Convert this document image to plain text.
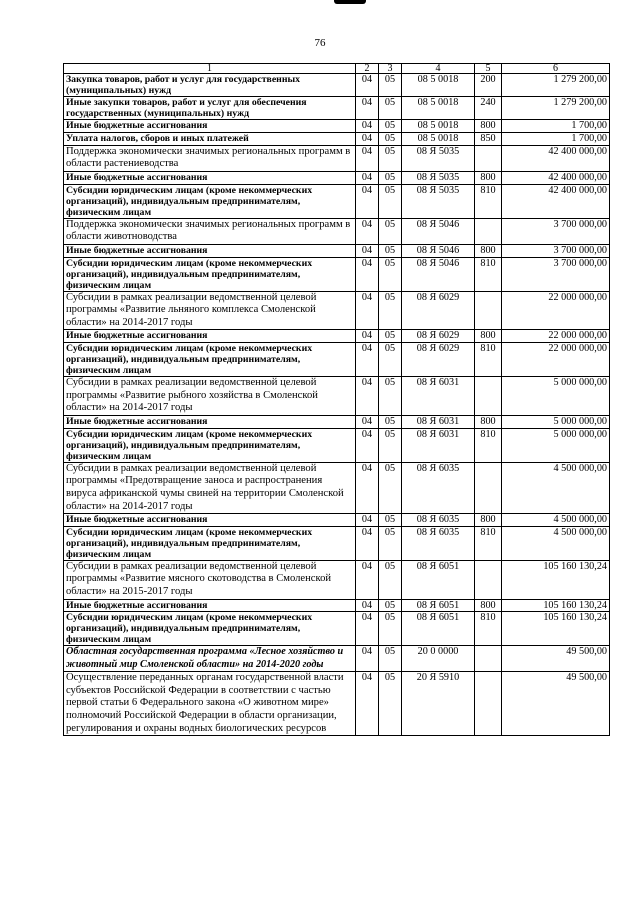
76
1	2	3	4	5	6
Закупка товаров, работ и услуг для государственных (муниципальных) нужд	04	05	08 5 0018	200	1 279 200,00
Иные закупки товаров, работ и услуг для обеспечения государственных (муниципальных) нужд	04	05	08 5 0018	240	1 279 200,00
Иные бюджетные ассигнования	04	05	08 5 0018	800	1 700,00
Уплата налогов, сборов и иных платежей	04	05	08 5 0018	850	1 700,00
Поддержка экономически значимых региональных программ в области растениеводства	04	05	08 Я 5035		42 400 000,00
Иные бюджетные ассигнования	04	05	08 Я 5035	800	42 400 000,00
Субсидии юридическим лицам (кроме некоммерческих организаций), индивидуальным предпринимателям, физическим лицам	04	05	08 Я 5035	810	42 400 000,00
Поддержка экономически значимых региональных программ в области животноводства	04	05	08 Я 5046		3 700 000,00
Иные бюджетные ассигнования	04	05	08 Я 5046	800	3 700 000,00
Субсидии юридическим лицам (кроме некоммерческих организаций), индивидуальным предпринимателям, физическим лицам	04	05	08 Я 5046	810	3 700 000,00
Субсидии в рамках реализации ведомственной целевой программы «Развитие льняного комплекса Смоленской области» на 2014-2017 годы	04	05	08 Я 6029		22 000 000,00
Иные бюджетные ассигнования	04	05	08 Я 6029	800	22 000 000,00
Субсидии юридическим лицам (кроме некоммерческих организаций), индивидуальным предпринимателям, физическим лицам	04	05	08 Я 6029	810	22 000 000,00
Субсидии в рамках реализации ведомственной целевой программы «Развитие рыбного хозяйства в Смоленской области» на 2014-2017 годы	04	05	08 Я 6031		5 000 000,00
Иные бюджетные ассигнования	04	05	08 Я 6031	800	5 000 000,00
Субсидии юридическим лицам (кроме некоммерческих организаций), индивидуальным предпринимателям, физическим лицам	04	05	08 Я 6031	810	5 000 000,00
Субсидии в рамках реализации ведомственной целевой программы «Предотвращение заноса и распространения вируса африканской чумы свиней на территории Смоленской области» на 2014-2017 годы	04	05	08 Я 6035		4 500 000,00
Иные бюджетные ассигнования	04	05	08 Я 6035	800	4 500 000,00
Субсидии юридическим лицам (кроме некоммерческих организаций), индивидуальным предпринимателям, физическим лицам	04	05	08 Я 6035	810	4 500 000,00
Субсидии в рамках реализации ведомственной целевой программы «Развитие мясного скотоводства в Смоленской области» на 2015-2017 годы	04	05	08 Я 6051		105 160 130,24
Иные бюджетные ассигнования	04	05	08 Я 6051	800	105 160 130,24
Субсидии юридическим лицам (кроме некоммерческих организаций), индивидуальным предпринимателям, физическим лицам	04	05	08 Я 6051	810	105 160 130,24
Областная государственная программа «Лесное хозяйство и животный мир Смоленской области» на 2014-2020 годы	04	05	20 0 0000		49 500,00
Осуществление переданных органам государственной власти субъектов Российской Федерации в соответствии с частью первой статьи 6 Федерального закона «О животном мире» полномочий Российской Федерации в области организации, регулирования и охраны водных биологических ресурсов	04	05	20 Я 5910		49 500,00
